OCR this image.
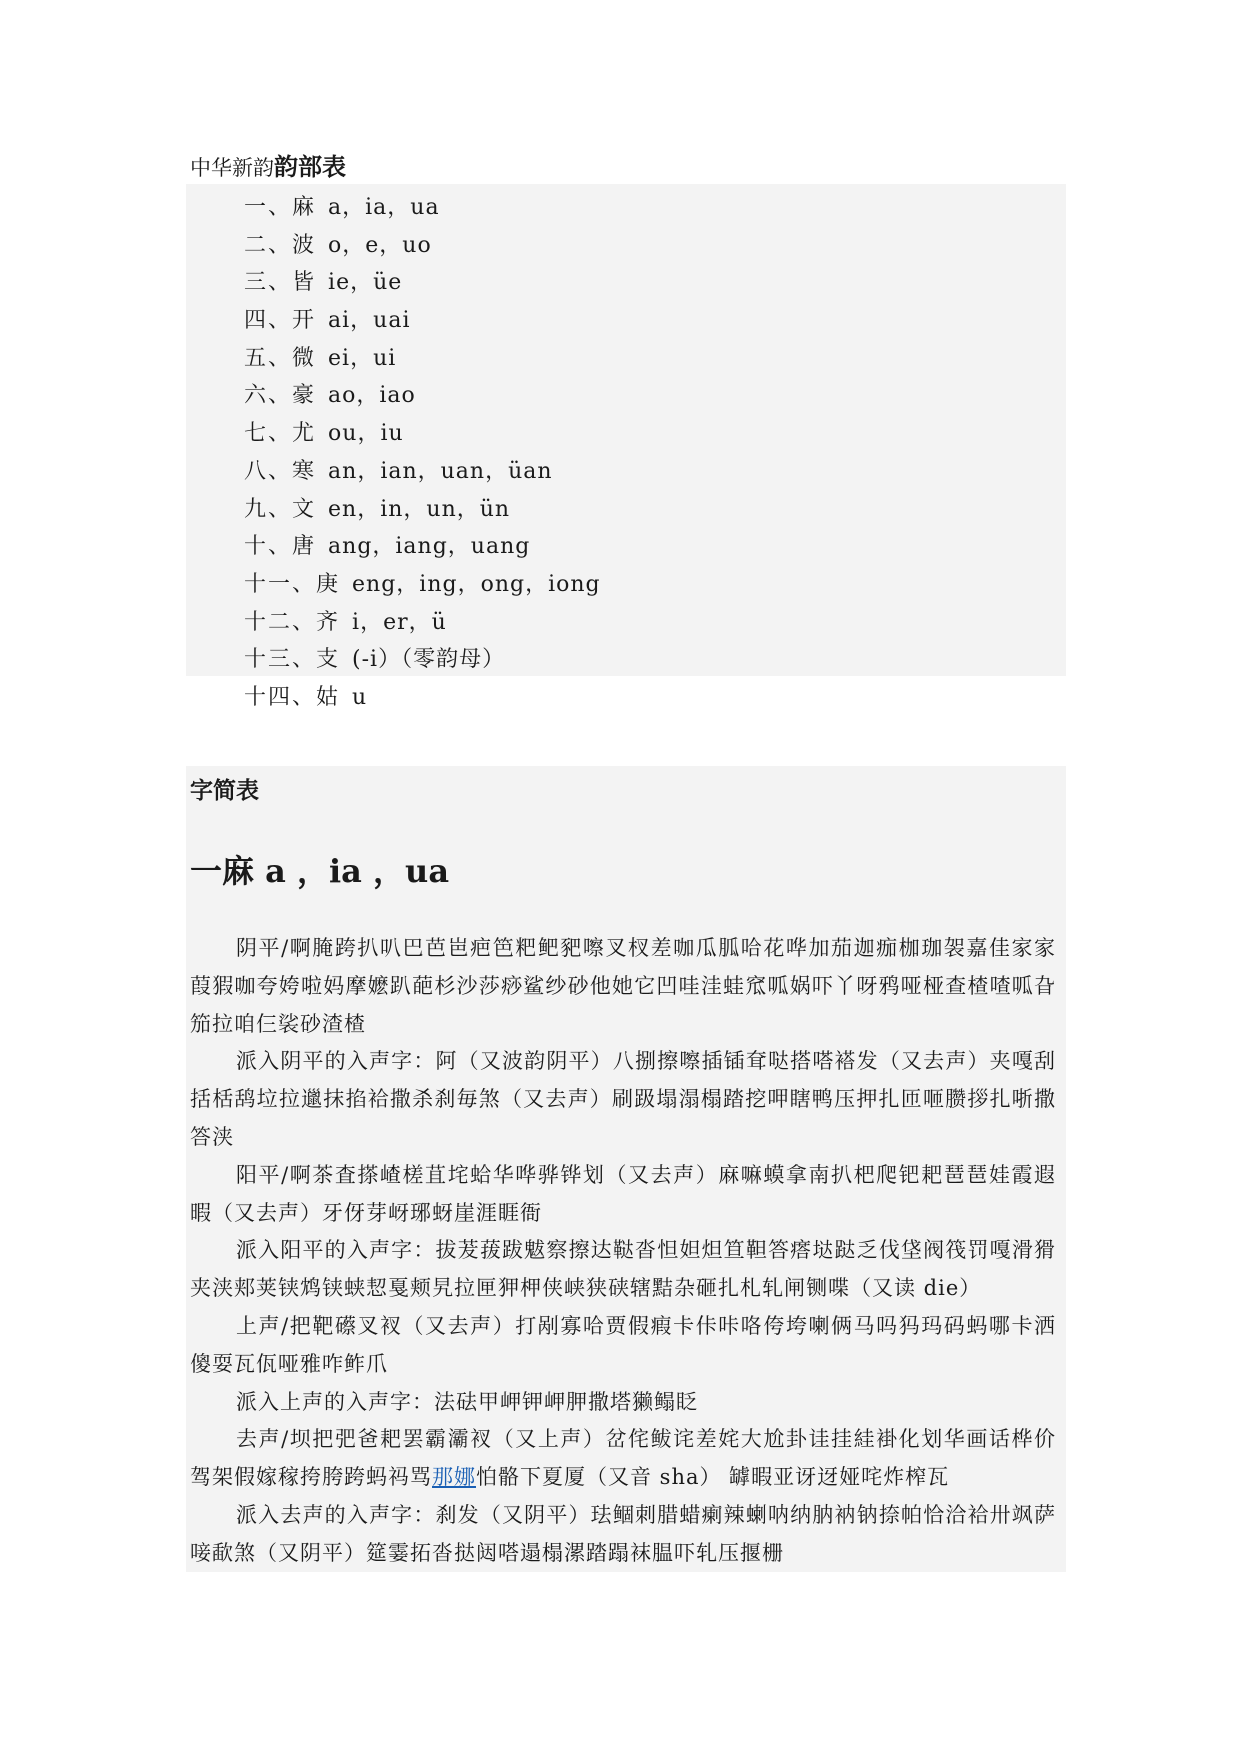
中华新韵韵部表
一、麻 a，ia，ua
二、波 o，e，uo
三、皆 ie，üe
四、开 ai，uai
五、微 ei，ui
六、豪 ao，iao
七、尤 ou，iu
八、寒 an，ian，uan，üan
九、文 en，in，un，ün
十、唐 ang，iang，uang
十一、庚 eng，ing，ong，iong
十二、齐 i，er，ü
十三、支 (-i）（零韵母）
十四、姑 u
字简表
一麻 a ，ia ，ua

阴平/啊腌跨扒叭巴芭岜疤笆粑鲃豝嚓叉杈差咖瓜胍哈花哗加茄迦痂枷珈袈嘉佳家家葭猳咖夸姱啦妈摩嬷趴葩杉沙莎痧鲨纱砂他她它凹哇洼蛙窊呱娲吓丫呀鸦哑桠查楂喳呱旮笳拉咱仨裟砂渣楂

派入阴平的入声字：阿（又波韵阴平）八捌擦嚓插锸耷哒搭嗒褡发（又去声）夹嘎刮括栝鸹垃拉邋抹掐袷撒杀刹毎煞（又去声）刷趿塌溻榻踏挖呷瞎鸭压押扎匝咂臜拶扎哳撒答浃

阳平/啊茶査搽嵖槎苴垞蛤华哗骅铧划（又去声）麻嘛蟆拿南扒杷爬钯耙琶琶娃霞遐暇（又去声）牙伢芽岈琊蚜崖涯睚衙

派入阳平的入声字：拔茇菝跋魃察擦达鞑沓怛妲炟笪靼答瘩垯跶乏伐垡阀筏罚嘎滑猾夹浃郏荚铗鸩铗蛱恝戛颊旯拉匣狎柙侠峡狭硖辖黠杂砸扎札轧闸铡喋（又读 die）

上声/把靶礤叉衩（又去声）打剐寡哈贾假瘕卡佧咔咯侉垮喇俩马吗犸玛码蚂哪卡洒傻耍瓦佤哑雅咋鲊爪

派入上声的入声字：法砝甲岬钾岬胛撒塔獭鳎眨

去声/坝把弝爸耙罢霸灞衩（又上声）岔侘鲅诧差姹大尬卦诖挂絓褂化划华画话桦价驾架假嫁稼挎胯跨蚂祃骂那娜怕骼下夏厦（又音 sha） 罅暇亚讶迓娅咤炸榨瓦

派入去声的入声字：刹发（又阴平）珐鲴刺腊蜡瘌辣蝲呐纳肭衲钠捺帕恰洽袷卅飒萨唼歃煞（又阴平）筵霎拓沓挞闼嗒遢榻漯踏蹋袜腽吓轧压揠栅
